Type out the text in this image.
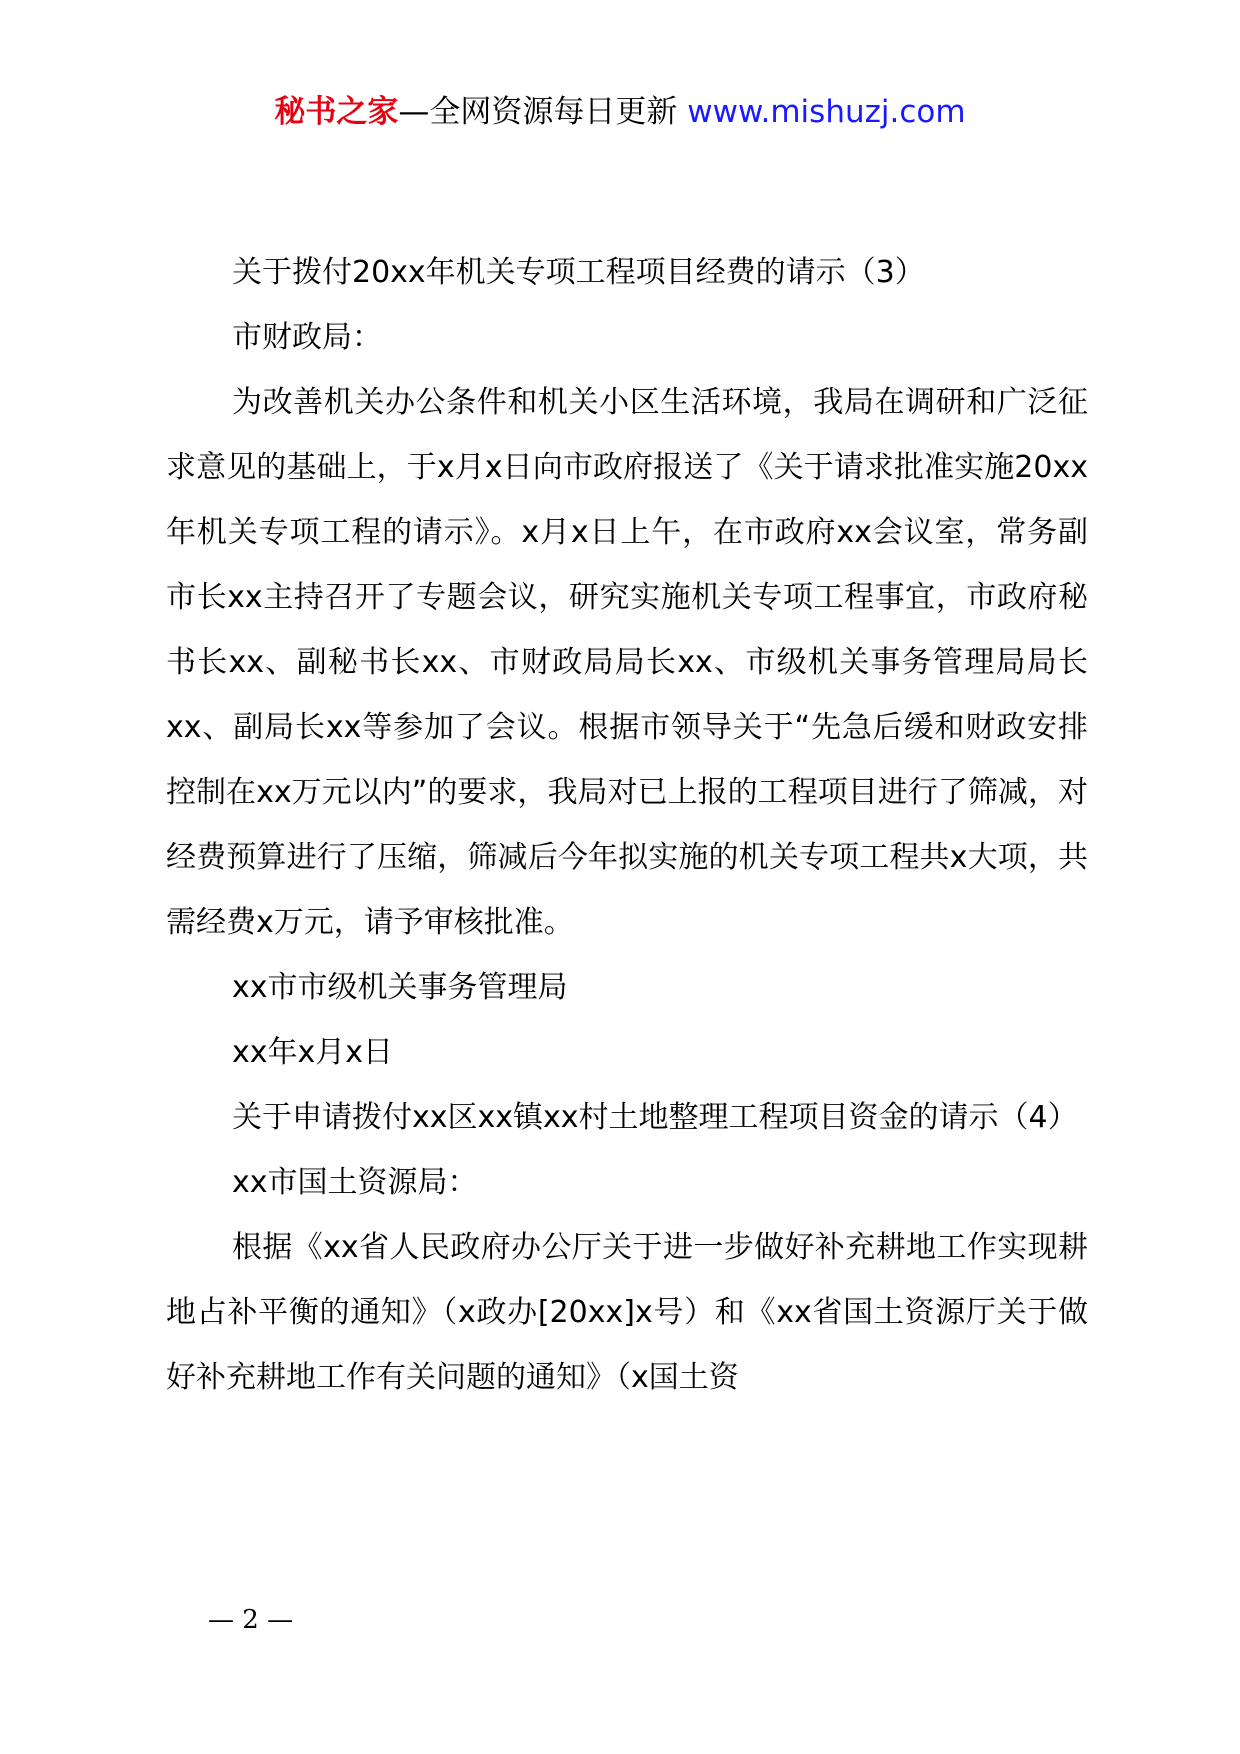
秘书之家—全网资源每日更新 www.mishuzj.com

关于拨付20xx年机关专项工程项目经费的请示（3）

市财政局：

为改善机关办公条件和机关小区生活环境，我局在调研和广泛征求意见的基础上，于x月x日向市政府报送了《关于请求批准实施20xx年机关专项工程的请示》。x月x日上午，在市政府xx会议室，常务副市长xx主持召开了专题会议，研究实施机关专项工程事宜，市政府秘书长xx、副秘书长xx、市财政局局长xx、市级机关事务管理局局长xx、副局长xx等参加了会议。根据市领导关于“先急后缓和财政安排控制在xx万元以内”的要求，我局对已上报的工程项目进行了筛减，对经费预算进行了压缩，筛减后今年拟实施的机关专项工程共x大项，共需经费x万元，请予审核批准。

xx市市级机关事务管理局

xx年x月x日

关于申请拨付xx区xx镇xx村土地整理工程项目资金的请示（4）

xx市国土资源局：

根据《xx省人民政府办公厅关于进一步做好补充耕地工作实现耕地占补平衡的通知》（x政办[20xx]x号）和《xx省国土资源厅关于做好补充耕地工作有关问题的通知》（x国土资

— 2 —
